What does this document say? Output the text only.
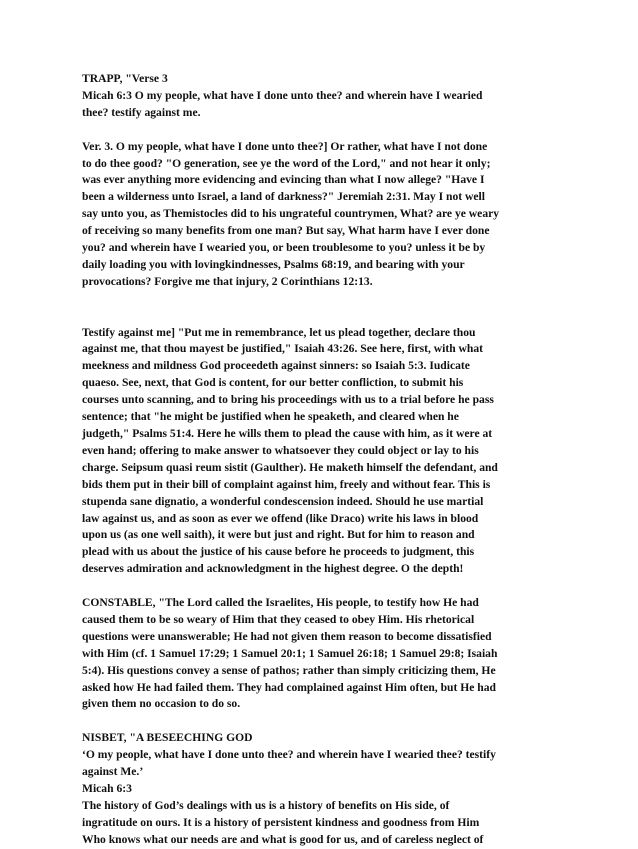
TRAPP, "Verse 3
Micah 6:3 O my people, what have I done unto thee? and wherein have I wearied
thee? testify against me.
Ver. 3. O my people, what have I done unto thee?] Or rather, what have I not done
to do thee good? "O generation, see ye the word of the Lord," and not hear it only;
was ever anything more evidencing and evincing than what I now allege? "Have I
been a wilderness unto Israel, a land of darkness?" Jeremiah 2:31. May I not well
say unto you, as Themistocles did to his ungrateful countrymen, What? are ye weary
of receiving so many benefits from one man? But say, What harm have I ever done
you? and wherein have I wearied you, or been troublesome to you? unless it be by
daily loading you with lovingkindnesses, Psalms 68:19, and bearing with your
provocations? Forgive me that injury, 2 Corinthians 12:13.
Testify against me] "Put me in remembrance, let us plead together, declare thou
against me, that thou mayest be justified," Isaiah 43:26. See here, first, with what
meekness and mildness God proceedeth against sinners: so Isaiah 5:3. Iudicate
quaeso. See, next, that God is content, for our better confliction, to submit his
courses unto scanning, and to bring his proceedings with us to a trial before he pass
sentence; that "he might be justified when he speaketh, and cleared when he
judgeth," Psalms 51:4. Here he wills them to plead the cause with him, as it were at
even hand; offering to make answer to whatsoever they could object or lay to his
charge. Seipsum quasi reum sistit (Gaulther). He maketh himself the defendant, and
bids them put in their bill of complaint against him, freely and without fear. This is
stupenda sane dignatio, a wonderful condescension indeed. Should he use martial
law against us, and as soon as ever we offend (like Draco) write his laws in blood
upon us (as one well saith), it were but just and right. But for him to reason and
plead with us about the justice of his cause before he proceeds to judgment, this
deserves admiration and acknowledgment in the highest degree. O the depth!
CONSTABLE, "The Lord called the Israelites, His people, to testify how He had
caused them to be so weary of Him that they ceased to obey Him. His rhetorical
questions were unanswerable; He had not given them reason to become dissatisfied
with Him (cf. 1 Samuel 17:29; 1 Samuel 20:1; 1 Samuel 26:18; 1 Samuel 29:8; Isaiah
5:4). His questions convey a sense of pathos; rather than simply criticizing them, He
asked how He had failed them. They had complained against Him often, but He had
given them no occasion to do so.
NISBET, "A BESEECHING GOD
‘O my people, what have I done unto thee? and wherein have I wearied thee? testify
against Me.’
Micah 6:3
The history of God’s dealings with us is a history of benefits on His side, of
ingratitude on ours. It is a history of persistent kindness and goodness from Him
Who knows what our needs are and what is good for us, and of careless neglect of
